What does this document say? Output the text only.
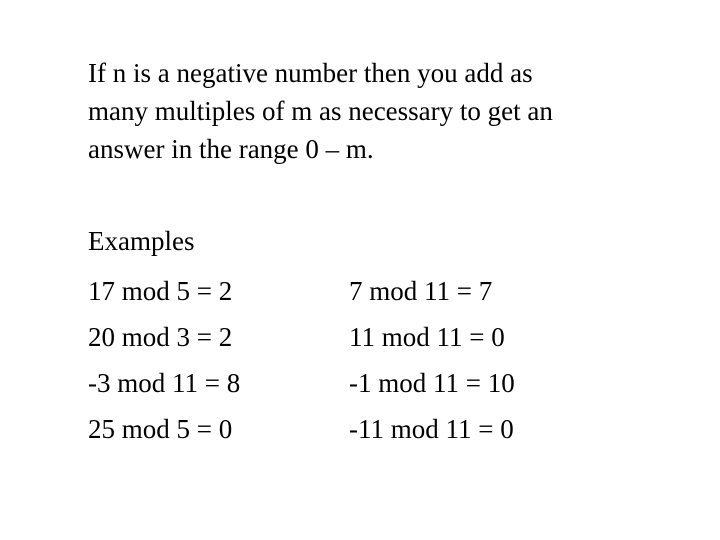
If n is a negative number then you add as
many multiples of m as necessary to get an
answer in the range 0 – m.
Examples
17 mod 5 = 2
20 mod 3 = 2
-3 mod 11 = 8
25 mod 5 = 0
7 mod 11 = 7
11 mod 11 = 0
-1 mod 11 = 10
-11 mod 11 = 0
